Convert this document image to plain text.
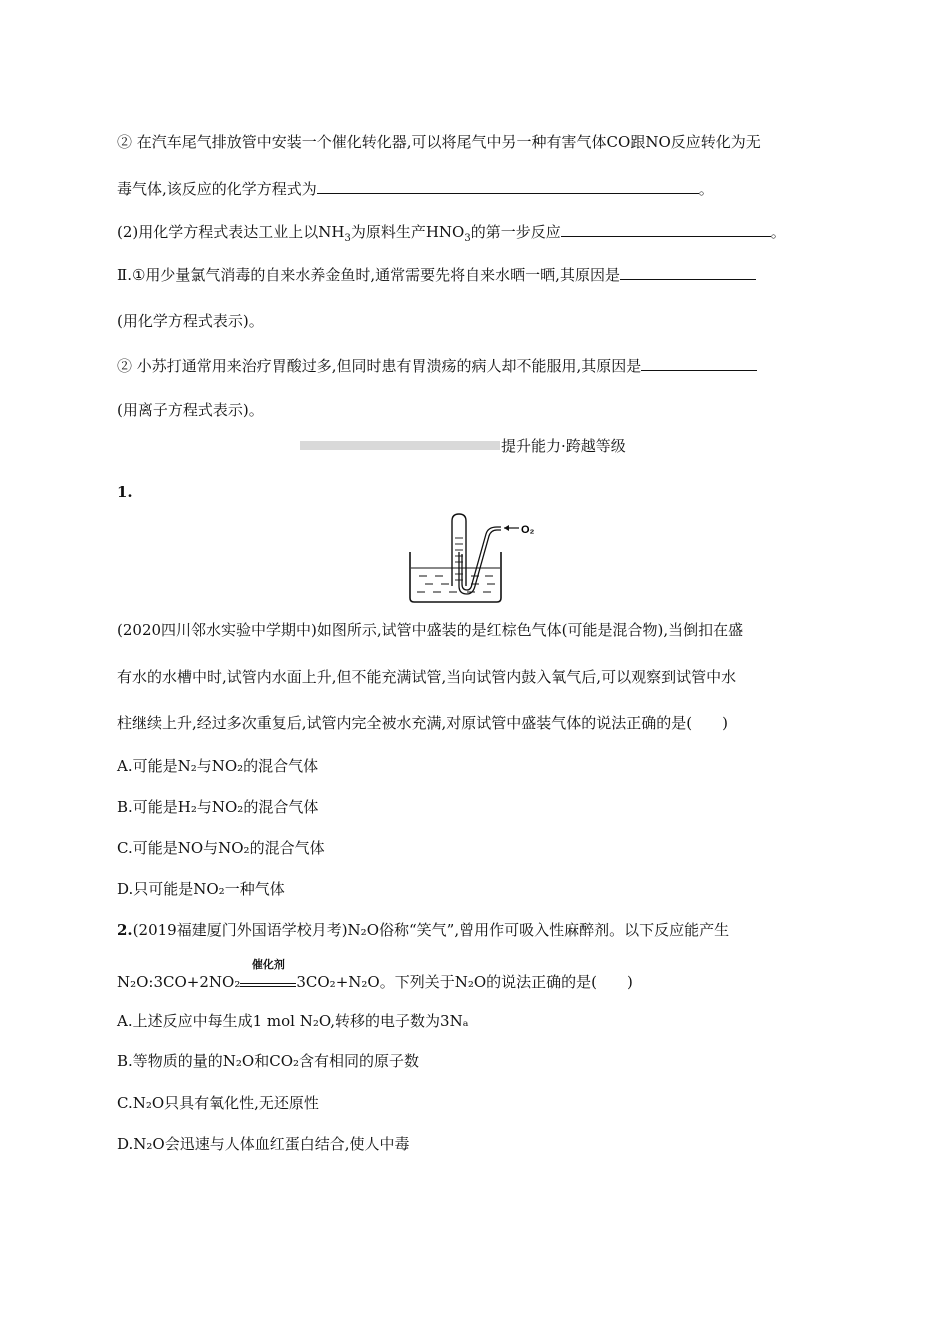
② 在汽车尾气排放管中安装一个催化转化器,可以将尾气中另一种有害气体CO跟NO反应转化为无
毒气体,该反应的化学方程式为	。
(2)用化学方程式表达工业上以$NH_3$为原料生产$HNO_3$的第一步反应	。
Ⅱ.①用少量氯气消毒的自来水养金鱼时,通常需要先将自来水晒一晒,其原因是
(用化学方程式表示)。
② 小苏打通常用来治疗胃酸过多,但同时患有胃溃疡的病人却不能服用,其原因是
(用离子方程式表示)。
提升能力·跨越等级
1.
O₂
(2020四川邻水实验中学期中)如图所示,试管中盛装的是红棕色气体(可能是混合物),当倒扣在盛
有水的水槽中时,试管内水面上升,但不能充满试管,当向试管内鼓入氧气后,可以观察到试管中水
柱继续上升,经过多次重复后,试管内完全被水充满,对原试管中盛装气体的说法正确的是(　　)
A.可能是N₂与NO₂的混合气体
B.可能是H₂与NO₂的混合气体
C.可能是NO与NO₂的混合气体
D.只可能是NO₂一种气体
2.(2019福建厦门外国语学校月考)N₂O俗称“笑气”,曾用作可吸入性麻醉剂。以下反应能产生
N₂O:3CO+2NO₂
催化剂
3CO₂+N₂O。下列关于N₂O的说法正确的是(　　)
A.上述反应中每生成1 mol N₂O,转移的电子数为3Nₐ
B.等物质的量的N₂O和CO₂含有相同的原子数
C.N₂O只具有氧化性,无还原性
D.N₂O会迅速与人体血红蛋白结合,使人中毒
